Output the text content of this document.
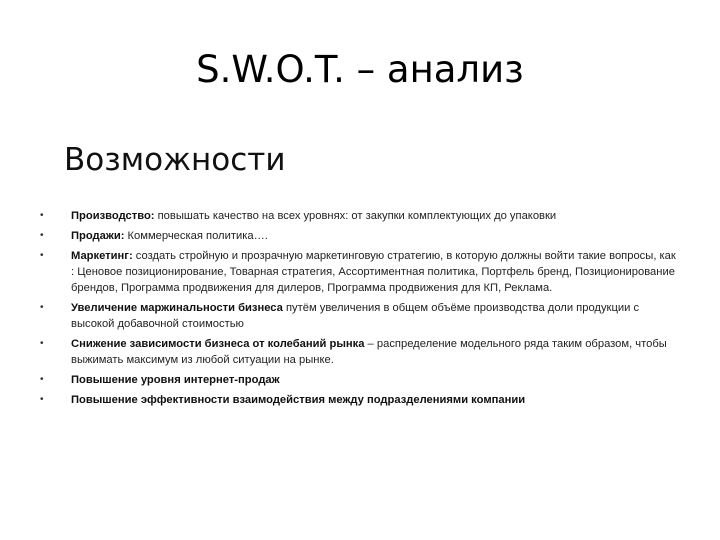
S.W.O.T. – анализ
Возможности
•	Производство: повышать качество на всех уровнях: от закупки комплектующих до упаковки
•	Продажи: Коммерческая политика….
•	Маркетинг: создать стройную и прозрачную маркетинговую стратегию, в которую должны войти такие вопросы, как : Ценовое позиционирование, Товарная стратегия, Ассортиментная политика, Портфель бренд, Позиционирование брендов, Программа продвижения для дилеров, Программа продвижения для КП, Реклама.
•	Увеличение маржинальности бизнеса путём увеличения в общем объёме производства доли продукции с высокой добавочной стоимостью
•	Снижение зависимости бизнеса от колебаний рынка – распределение модельного ряда таким образом, чтобы выжимать максимум из любой ситуации на рынке.
•	Повышение уровня интернет-продаж
•	Повышение эффективности взаимодействия между подразделениями компании
